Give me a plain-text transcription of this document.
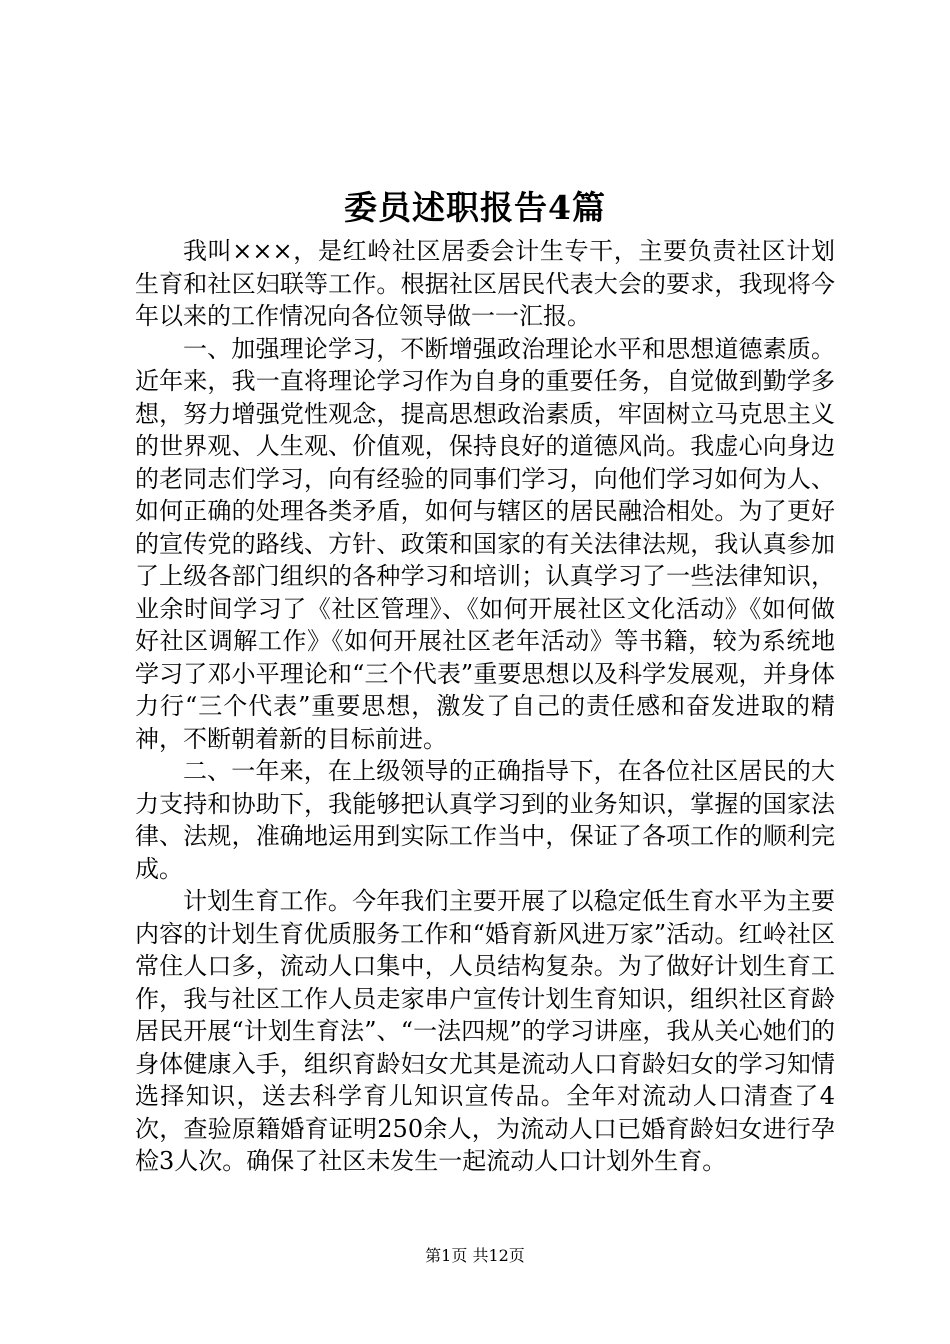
委员述职报告4篇

我叫×××，是红岭社区居委会计生专干，主要负责社区计划生育和社区妇联等工作。根据社区居民代表大会的要求，我现将今年以来的工作情况向各位领导做一一汇报。

一、加强理论学习，不断增强政治理论水平和思想道德素质。近年来，我一直将理论学习作为自身的重要任务，自觉做到勤学多想，努力增强党性观念，提高思想政治素质，牢固树立马克思主义的世界观、人生观、价值观，保持良好的道德风尚。我虚心向身边的老同志们学习，向有经验的同事们学习，向他们学习如何为人、如何正确的处理各类矛盾，如何与辖区的居民融洽相处。为了更好的宣传党的路线、方针、政策和国家的有关法律法规，我认真参加了上级各部门组织的各种学习和培训；认真学习了一些法律知识，业余时间学习了《社区管理》、《如何开展社区文化活动》《如何做好社区调解工作》《如何开展社区老年活动》等书籍，较为系统地学习了邓小平理论和“三个代表”重要思想以及科学发展观，并身体力行“三个代表”重要思想，激发了自己的责任感和奋发进取的精神，不断朝着新的目标前进。

二、一年来，在上级领导的正确指导下，在各位社区居民的大力支持和协助下，我能够把认真学习到的业务知识，掌握的国家法律、法规，准确地运用到实际工作当中，保证了各项工作的顺利完成。

计划生育工作。今年我们主要开展了以稳定低生育水平为主要内容的计划生育优质服务工作和“婚育新风进万家”活动。红岭社区常住人口多，流动人口集中，人员结构复杂。为了做好计划生育工作，我与社区工作人员走家串户宣传计划生育知识，组织社区育龄居民开展“计划生育法”、“一法四规”的学习讲座，我从关心她们的身体健康入手，组织育龄妇女尤其是流动人口育龄妇女的学习知情选择知识，送去科学育儿知识宣传品。全年对流动人口清查了4次，查验原籍婚育证明250余人，为流动人口已婚育龄妇女进行孕检3人次。确保了社区未发生一起流动人口计划外生育。

第1页 共12页
